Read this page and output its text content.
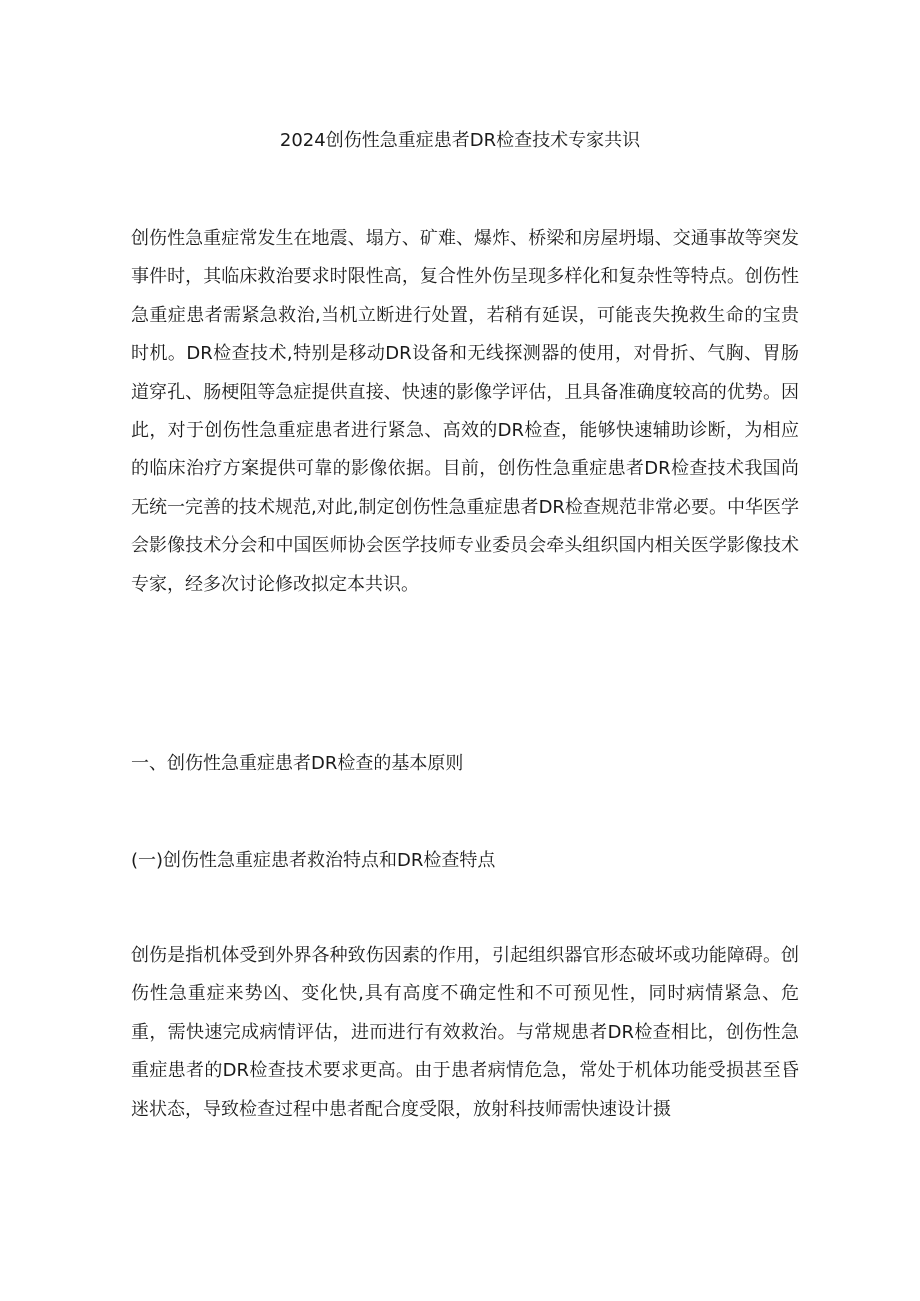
2024创伤性急重症患者DR检查技术专家共识

创伤性急重症常发生在地震、塌方、矿难、爆炸、桥梁和房屋坍塌、交通事故等突发事件时，其临床救治要求时限性高，复合性外伤呈现多样化和复杂性等特点。创伤性急重症患者需紧急救治,当机立断进行处置，若稍有延误，可能丧失挽救生命的宝贵时机。DR检查技术,特别是移动DR设备和无线探测器的使用，对骨折、气胸、胃肠道穿孔、肠梗阻等急症提供直接、快速的影像学评估，且具备准确度较高的优势。因此，对于创伤性急重症患者进行紧急、高效的DR检查，能够快速辅助诊断，为相应的临床治疗方案提供可靠的影像依据。目前，创伤性急重症患者DR检查技术我国尚无统一完善的技术规范,对此,制定创伤性急重症患者DR检查规范非常必要。中华医学会影像技术分会和中国医师协会医学技师专业委员会牵头组织国内相关医学影像技术专家，经多次讨论修改拟定本共识。

一、创伤性急重症患者DR检查的基本原则
(一)创伤性急重症患者救治特点和DR检查特点

创伤是指机体受到外界各种致伤因素的作用，引起组织器官形态破坏或功能障碍。创伤性急重症来势凶、变化快,具有高度不确定性和不可预见性，同时病情紧急、危重，需快速完成病情评估，进而进行有效救治。与常规患者DR检查相比，创伤性急重症患者的DR检查技术要求更高。由于患者病情危急，常处于机体功能受损甚至昏迷状态，导致检查过程中患者配合度受限，放射科技师需快速设计摄
